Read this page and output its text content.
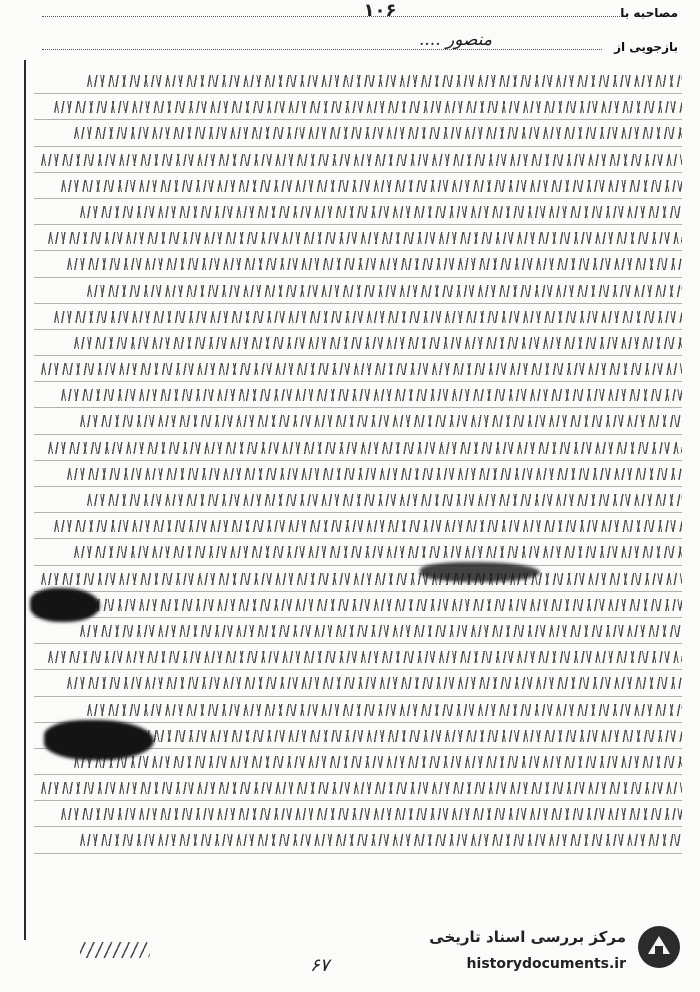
۱۰۶	مصاحبه با
منصور ....	بازجویی از
۶۷
مرکز بررسی اسناد تاریخی
historydocuments.ir
